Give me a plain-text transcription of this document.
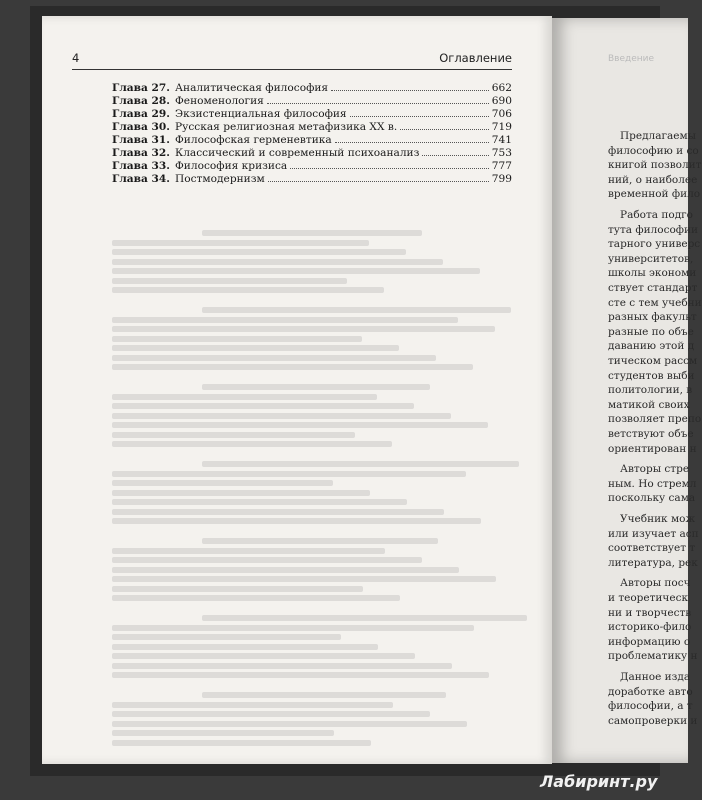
4	Оглавление
Глава 27. Аналитическая философия	662
Глава 28. Феноменология	690
Глава 29. Экзистенциальная философия	706
Глава 30. Русская религиозная метафизика XX в.	719
Глава 31. Философская герменевтика	741
Глава 32. Классический и современный психоанализ	753
Глава 33. Философия кризиса	777
Глава 34. Постмодернизм	799
Введение
Предлагаемы
философию и со
книгой позволит
ний, о наиболее
временной фило
Работа подго
тута философии
тарного универс
университетов,
школы экономи
ствует стандарт
сте с тем учебни
разных факульт
разные по объе
даванию этой д
тическом рассм
студентов выби
политологии, в
матикой своих
позволяет препо
ветствуют объе
ориентирован н
Авторы стре
ным. Но стремл
поскольку сама
Учебник мож
или изучает асп
соответствует т
литература, рек
Авторы посч
и теоретическ
ни и творчеств
историко-фило
информацию о
проблематику н
Данное изда
доработке авто
философии, а т
самопроверки и
Лабиринт.ру
